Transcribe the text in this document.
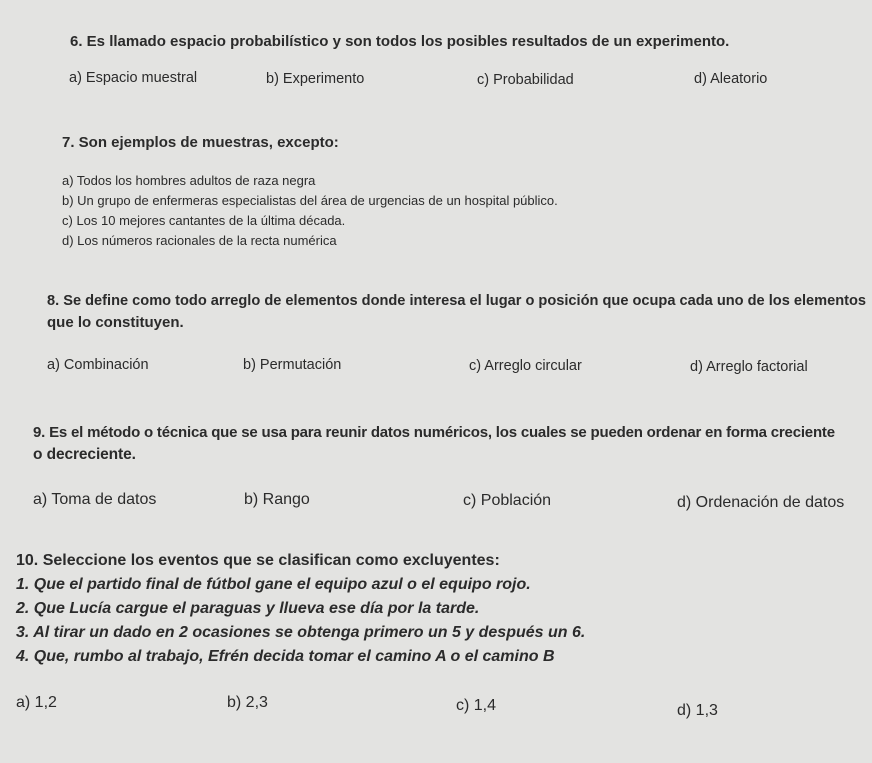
6. Es llamado espacio probabilístico y son todos los posibles resultados de un experimento.
a) Espacio muestral	b) Experimento	c) Probabilidad	d) Aleatorio
7. Son ejemplos de muestras, excepto:
a) Todos los hombres adultos de raza negra
b) Un grupo de enfermeras especialistas del área de urgencias de un hospital público.
c) Los 10 mejores cantantes de la última década.
d) Los números racionales de la recta numérica
8. Se define como todo arreglo de elementos donde interesa el lugar o posición que ocupa cada uno de los elementos
que lo constituyen.
a) Combinación	b) Permutación	c) Arreglo circular	d) Arreglo factorial
9. Es el método o técnica que se usa para reunir datos numéricos, los cuales se pueden ordenar en forma creciente
o decreciente.
a) Toma de datos	b) Rango	c) Población	d) Ordenación de datos
10. Seleccione los eventos que se clasifican como excluyentes:
1. Que el partido final de fútbol gane el equipo azul o el equipo rojo.
2. Que Lucía cargue el paraguas y llueva ese día por la tarde.
3. Al tirar un dado en 2 ocasiones se obtenga primero un 5 y después un 6.
4. Que, rumbo al trabajo, Efrén decida tomar el camino A o el camino B
a) 1,2	b) 2,3	c) 1,4	d) 1,3
